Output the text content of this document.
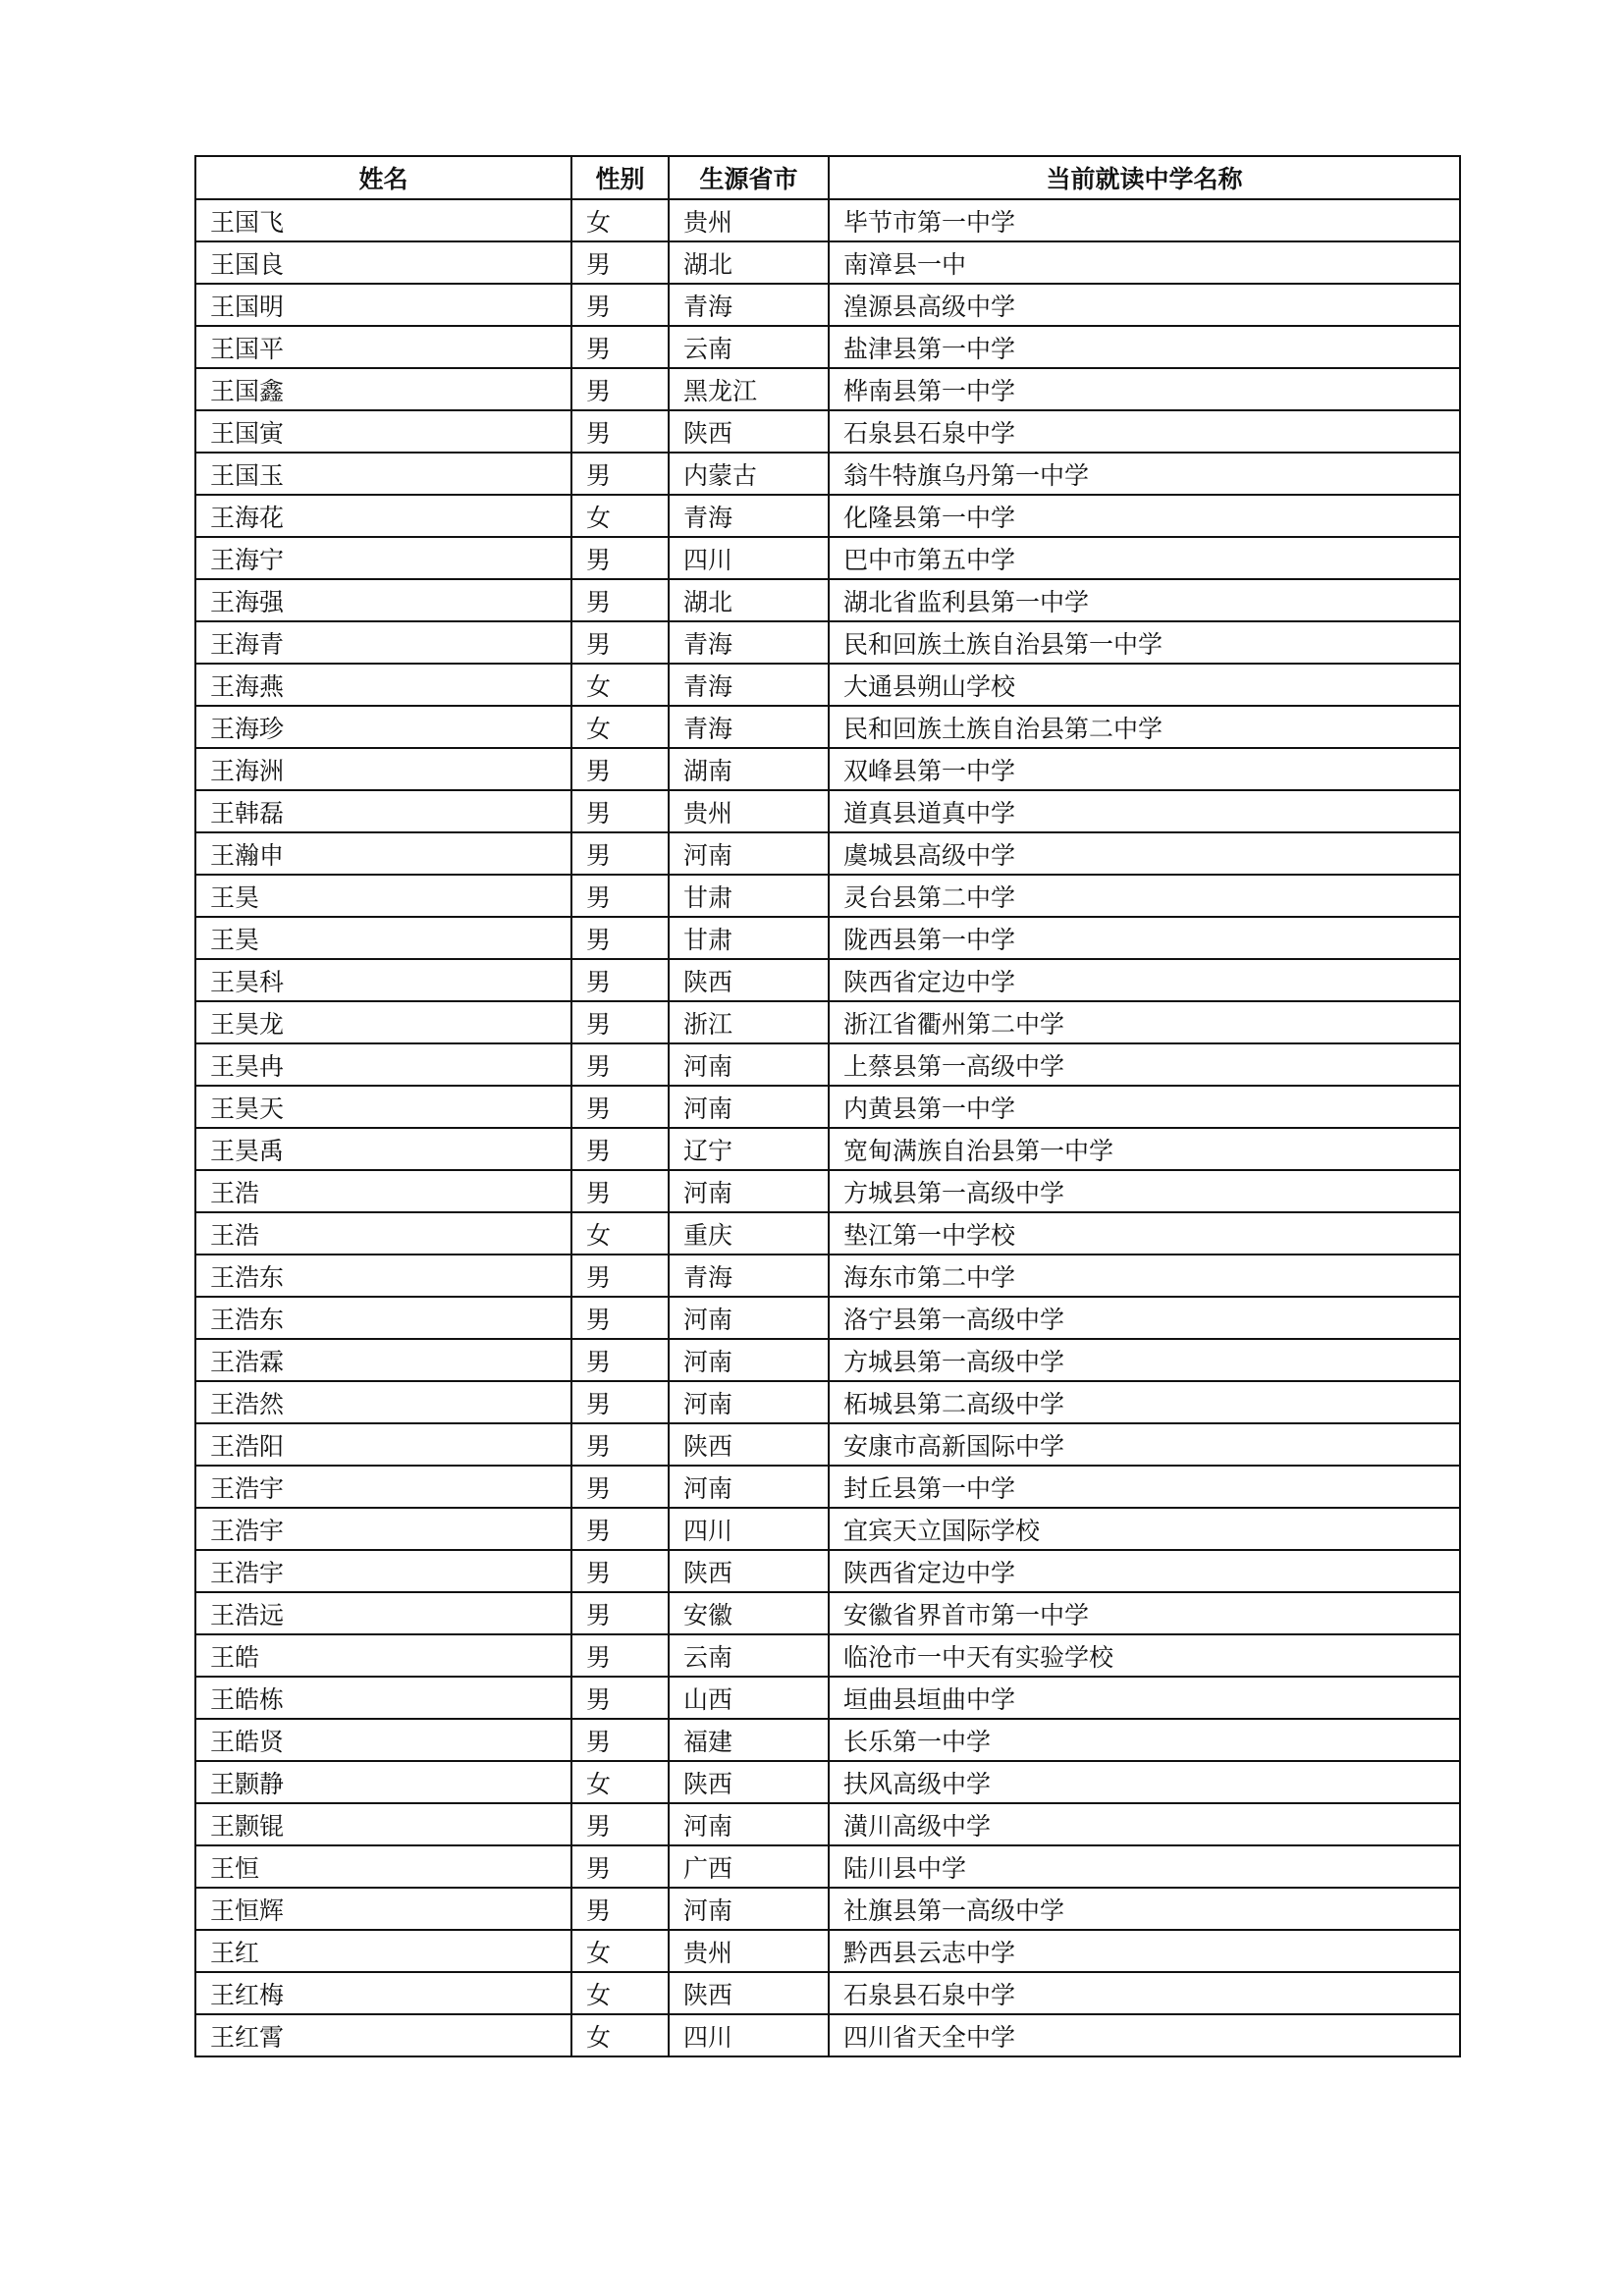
姓名	性别	生源省市	当前就读中学名称
王国飞	女	贵州	毕节市第一中学
王国良	男	湖北	南漳县一中
王国明	男	青海	湟源县高级中学
王国平	男	云南	盐津县第一中学
王国鑫	男	黑龙江	桦南县第一中学
王国寅	男	陕西	石泉县石泉中学
王国玉	男	内蒙古	翁牛特旗乌丹第一中学
王海花	女	青海	化隆县第一中学
王海宁	男	四川	巴中市第五中学
王海强	男	湖北	湖北省监利县第一中学
王海青	男	青海	民和回族土族自治县第一中学
王海燕	女	青海	大通县朔山学校
王海珍	女	青海	民和回族土族自治县第二中学
王海洲	男	湖南	双峰县第一中学
王韩磊	男	贵州	道真县道真中学
王瀚申	男	河南	虞城县高级中学
王昊	男	甘肃	灵台县第二中学
王昊	男	甘肃	陇西县第一中学
王昊科	男	陕西	陕西省定边中学
王昊龙	男	浙江	浙江省衢州第二中学
王昊冉	男	河南	上蔡县第一高级中学
王昊天	男	河南	内黄县第一中学
王昊禹	男	辽宁	宽甸满族自治县第一中学
王浩	男	河南	方城县第一高级中学
王浩	女	重庆	垫江第一中学校
王浩东	男	青海	海东市第二中学
王浩东	男	河南	洛宁县第一高级中学
王浩霖	男	河南	方城县第一高级中学
王浩然	男	河南	柘城县第二高级中学
王浩阳	男	陕西	安康市高新国际中学
王浩宇	男	河南	封丘县第一中学
王浩宇	男	四川	宜宾天立国际学校
王浩宇	男	陕西	陕西省定边中学
王浩远	男	安徽	安徽省界首市第一中学
王皓	男	云南	临沧市一中天有实验学校
王皓栋	男	山西	垣曲县垣曲中学
王皓贤	男	福建	长乐第一中学
王颢静	女	陕西	扶风高级中学
王颢锟	男	河南	潢川高级中学
王恒	男	广西	陆川县中学
王恒辉	男	河南	社旗县第一高级中学
王红	女	贵州	黔西县云志中学
王红梅	女	陕西	石泉县石泉中学
王红霄	女	四川	四川省天全中学
